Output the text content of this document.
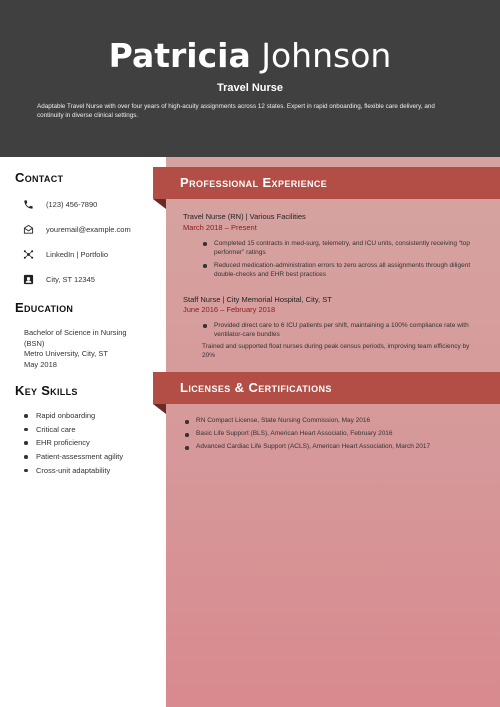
Patricia Johnson
Travel Nurse
Adaptable Travel Nurse with over four years of high-acuity assignments across 12 states. Expert in rapid onboarding, flexible care delivery, and continuity in diverse clinical settings.
Contact
(123) 456-7890
youremail@example.com
LinkedIn | Portfolio
City, ST 12345
Education
Bachelor of Science in Nursing
(BSN)
Metro University, City, ST
May 2018
Key Skills
Rapid onboarding
Critical care
EHR proficiency
Patient-assessment agility
Cross-unit adaptability
Professional Experience
Travel Nurse (RN) | Various Facilities
March 2018 – Present
Completed 15 contracts in med-surg, telemetry, and ICU units, consistently receiving “top performer” ratings
Reduced medication-administration errors to zero across all assignments through diligent double-checks and EHR best practices
Staff Nurse | City Memorial Hospital, City, ST
June 2016 – February 2018
Provided direct care to 6 ICU patients per shift, maintaining a 100% compliance rate with ventilator-care bundles
Trained and supported float nurses during peak census periods, improving team efficiency by 20%
Licenses & Certifications
RN Compact License, State Nursing Commission, May 2016
Basic Life Support (BLS), American Heart Associatio, February 2016
Advanced Cardiac Life Support (ACLS), American Heart Association, March 2017
